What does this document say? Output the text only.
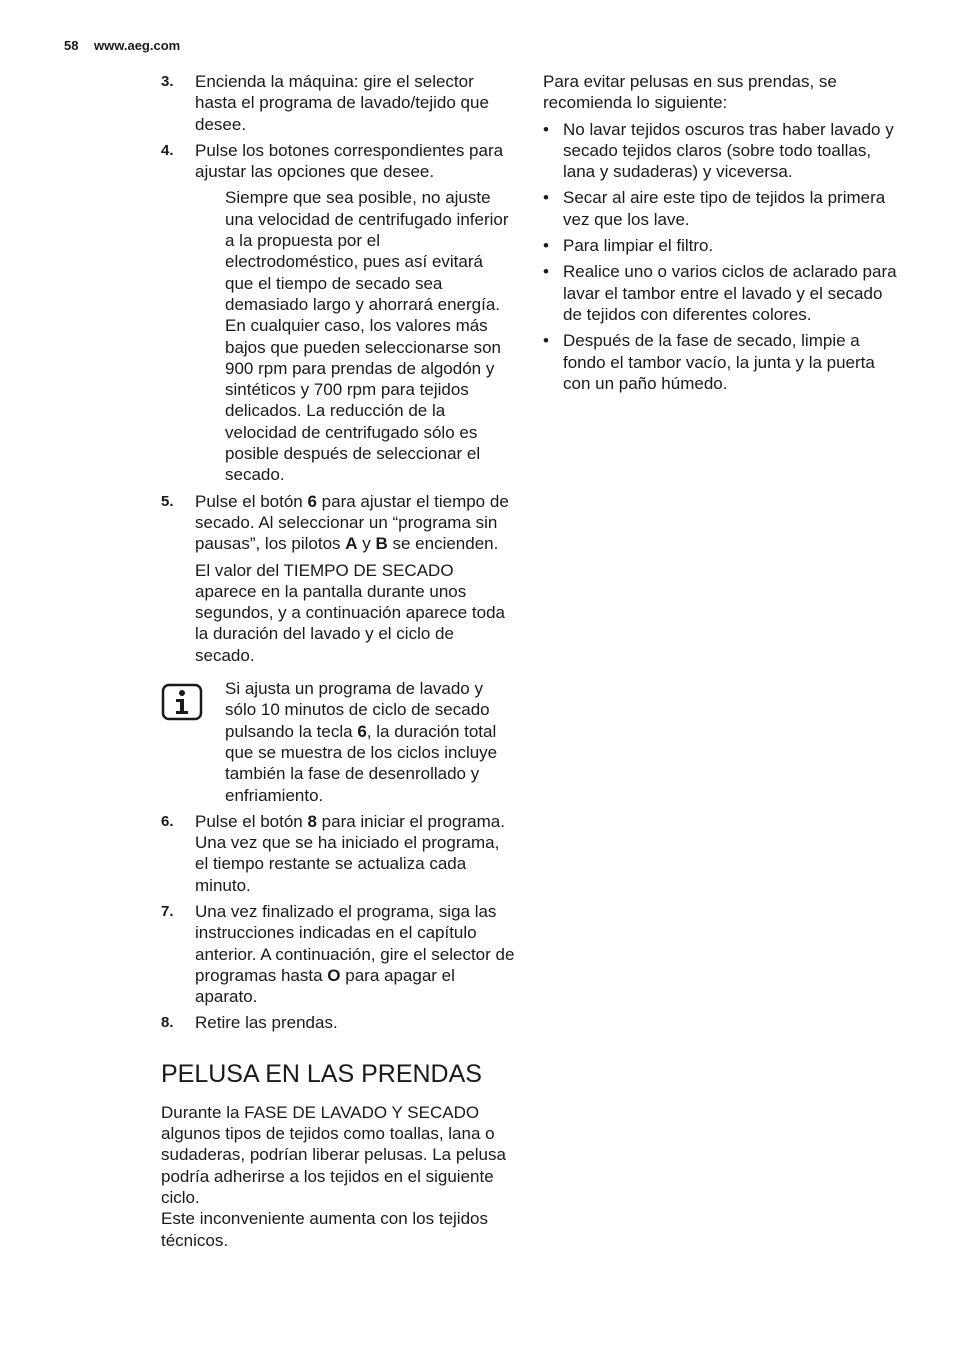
58 www.aeg.com
3.	Encienda la máquina: gire el selector hasta el programa de lavado/tejido que desee.
4.	Pulse los botones correspondientes para ajustar las opciones que desee.
Siempre que sea posible, no ajuste una velocidad de centrifugado inferior a la propuesta por el electrodoméstico, pues así evitará que el tiempo de secado sea demasiado largo y ahorrará energía. En cualquier caso, los valores más bajos que pueden seleccionarse son 900 rpm para prendas de algodón y sintéticos y 700 rpm para tejidos delicados. La reducción de la velocidad de centrifugado sólo es posible después de seleccionar el secado.
5.	Pulse el botón 6 para ajustar el tiempo de secado. Al seleccionar un “programa sin pausas”, los pilotos A y B se encienden.
El valor del TIEMPO DE SECADO aparece en la pantalla durante unos segundos, y a continuación aparece toda la duración del lavado y el ciclo de secado.
Si ajusta un programa de lavado y sólo 10 minutos de ciclo de secado pulsando la tecla 6, la duración total que se muestra de los ciclos incluye también la fase de desenrollado y enfriamiento.
6.	Pulse el botón 8 para iniciar el programa. Una vez que se ha iniciado el programa, el tiempo restante se actualiza cada minuto.
7.	Una vez finalizado el programa, siga las instrucciones indicadas en el capítulo anterior. A continuación, gire el selector de programas hasta O para apagar el aparato.
8.	Retire las prendas.
PELUSA EN LAS PRENDAS
Durante la FASE DE LAVADO Y SECADO algunos tipos de tejidos como toallas, lana o sudaderas, podrían liberar pelusas. La pelusa podría adherirse a los tejidos en el siguiente ciclo.
Este inconveniente aumenta con los tejidos técnicos.
Para evitar pelusas en sus prendas, se recomienda lo siguiente:
• No lavar tejidos oscuros tras haber lavado y secado tejidos claros (sobre todo toallas, lana y sudaderas) y viceversa.
• Secar al aire este tipo de tejidos la primera vez que los lave.
• Para limpiar el filtro.
• Realice uno o varios ciclos de aclarado para lavar el tambor entre el lavado y el secado de tejidos con diferentes colores.
• Después de la fase de secado, limpie a fondo el tambor vacío, la junta y la puerta con un paño húmedo.
